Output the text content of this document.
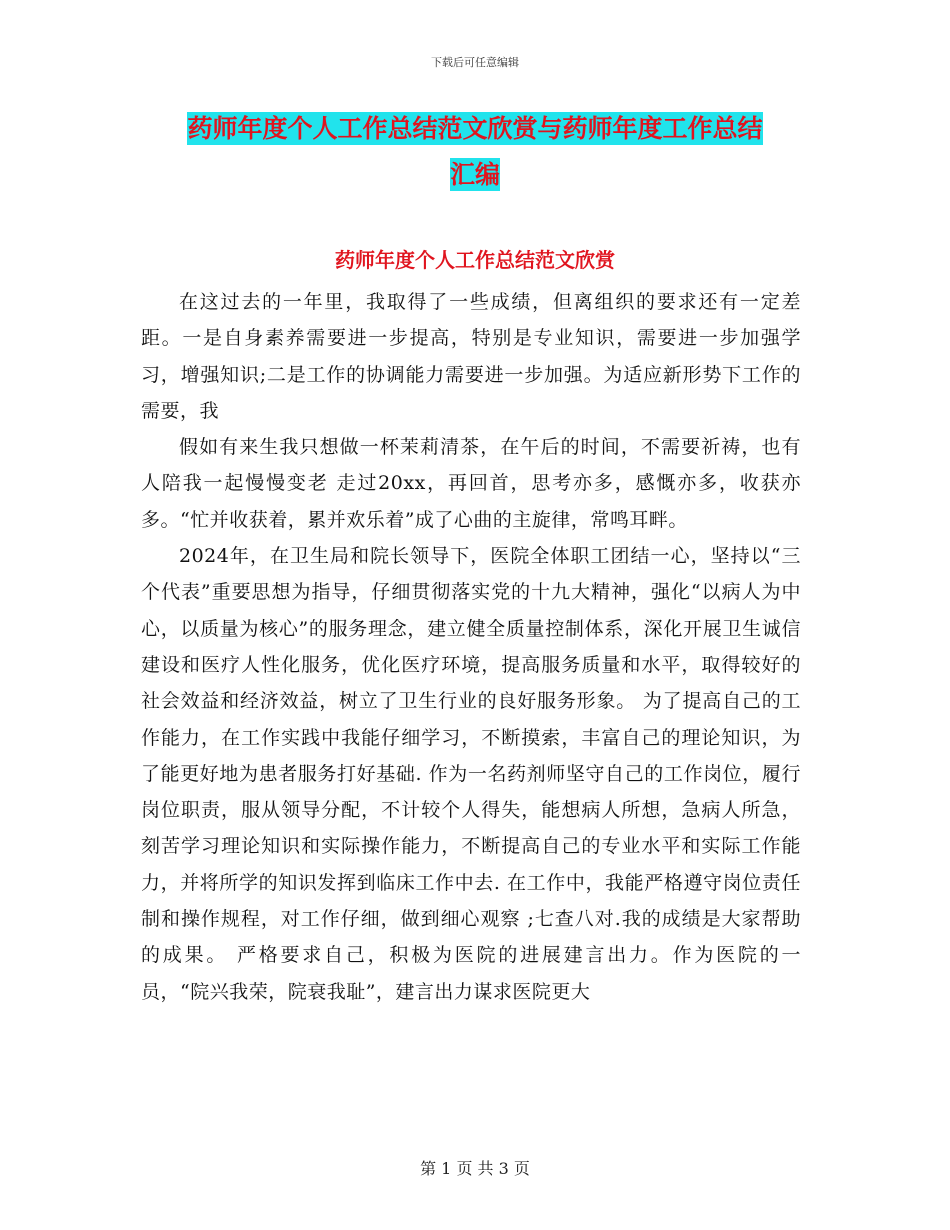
下载后可任意编辑
药师年度个人工作总结范文欣赏与药师年度工作总结
汇编
药师年度个人工作总结范文欣赏

在这过去的一年里，我取得了一些成绩，但离组织的要求还有一定差距。一是自身素养需要进一步提高，特别是专业知识，需要进一步加强学习，增强知识;二是工作的协调能力需要进一步加强。为适应新形势下工作的需要，我

假如有来生我只想做一杯茉莉清茶，在午后的时间，不需要祈祷，也有人陪我一起慢慢变老 走过20xx，再回首，思考亦多，感慨亦多，收获亦多。“忙并收获着，累并欢乐着”成了心曲的主旋律，常鸣耳畔。

2024年，在卫生局和院长领导下，医院全体职工团结一心，坚持以“三个代表”重要思想为指导，仔细贯彻落实党的十九大精神，强化“以病人为中心，以质量为核心”的服务理念，建立健全质量控制体系，深化开展卫生诚信建设和医疗人性化服务，优化医疗环境，提高服务质量和水平，取得较好的社会效益和经济效益，树立了卫生行业的良好服务形象。 为了提高自己的工作能力，在工作实践中我能仔细学习，不断摸索，丰富自己的理论知识，为了能更好地为患者服务打好基础. 作为一名药剂师坚守自己的工作岗位，履行岗位职责，服从领导分配，不计较个人得失，能想病人所想，急病人所急，刻苦学习理论知识和实际操作能力，不断提高自己的专业水平和实际工作能力，并将所学的知识发挥到临床工作中去. 在工作中，我能严格遵守岗位责任制和操作规程，对工作仔细，做到细心观察 ;七查八对.我的成绩是大家帮助的成果。 严格要求自己，积极为医院的进展建言出力。作为医院的一员，“院兴我荣，院衰我耻”，建言出力谋求医院更大

第 1 页 共 3 页
